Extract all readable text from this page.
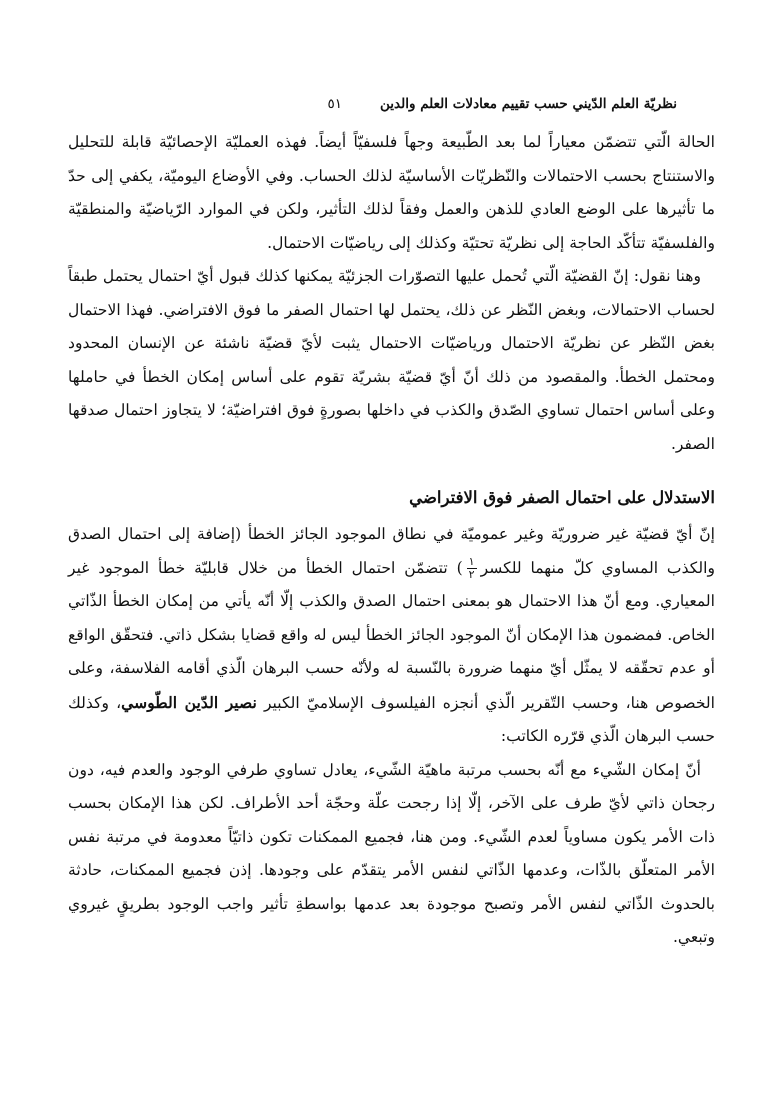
نظريّة العلم الدّيني حسب تقييم معادلات العلم والدين
٥١

الحالة الّتي تتضمّن معياراً لما بعد الطّبيعة وجهاً فلسفيّاً أيضاً. فهذه العمليّة الإحصائيّة قابلة للتحليل والاستنتاج بحسب الاحتمالات والنّظريّات الأساسيّة لذلك الحساب. وفي الأوضاع اليوميّة، يكفي إلى حدّ ما تأثيرها على الوضع العادي للذهن والعمل وفقاً لذلك التأثير، ولكن في الموارد الرّياضيّة والمنطقيّة والفلسفيّة تتأكّد الحاجة إلى نظريّة تحتيّة وكذلك إلى رياضيّات الاحتمال.

وهنا نقول: إنّ القضيّة الّتي تُحمل عليها التصوّرات الجزئيّة يمكنها كذلك قبول أيّ احتمال يحتمل طبقاً لحساب الاحتمالات، وبغض النّظر عن ذلك، يحتمل لها احتمال الصفر ما فوق الافتراضي. فهذا الاحتمال بغض النّظر عن نظريّة الاحتمال ورياضيّات الاحتمال يثبت لأيّ قضيّة ناشئة عن الإنسان المحدود ومحتمل الخطأ. والمقصود من ذلك أنّ أيّ قضيّة بشريّة تقوم على أساس إمكان الخطأ في حاملها وعلى أساس احتمال تساوي الصّدق والكذب في داخلها بصورةٍ فوق افتراضيّة؛ لا يتجاوز احتمال صدقها الصفر.

الاستدلال على احتمال الصفر فوق الافتراضي

إنّ أيّ قضيّة غير ضروريّة وغير عموميّة في نطاق الموجود الجائز الخطأ (إضافة إلى احتمال الصدق والكذب المساوي كلّ منهما للكسر
$\frac{١}{٢}$
) تتضمّن احتمال الخطأ من خلال قابليّة خطأ الموجود غير المعياري. ومع أنّ هذا الاحتمال هو بمعنى احتمال الصدق والكذب إلّا أنّه يأتي من إمكان الخطأ الذّاتي الخاص. فمضمون هذا الإمكان أنّ الموجود الجائز الخطأ ليس له واقع قضايا بشكل ذاتي. فتحقّق الواقع أو عدم تحقّقه لا يمثّل أيّ منهما ضرورة بالنّسبة له ولأنّه حسب البرهان الّذي أقامه الفلاسفة، وعلى الخصوص هنا، وحسب التّقرير الّذي أنجزه الفيلسوف الإسلاميّ الكبير نصير الدّين الطّوسي، وكذلك حسب البرهان الّذي قرّره الكاتب:

أنّ إمكان الشّيء مع أنّه بحسب مرتبة ماهيّة الشّيء، يعادل تساوي طرفي الوجود والعدم فيه، دون رجحان ذاتي لأيّ طرف على الآخر، إلّا إذا رجحت علّة وحجّة أحد الأطراف. لكن هذا الإمكان بحسب ذات الأمر يكون مساوياً لعدم الشّيء. ومن هنا، فجميع الممكنات تكون ذاتيّاً معدومة في مرتبة نفس الأمر المتعلّق بالذّات، وعدمها الذّاتي لنفس الأمر يتقدّم على وجودها. إذن فجميع الممكنات، حادثة بالحدوث الذّاتي لنفس الأمر وتصبح موجودة بعد عدمها بواسطةِ تأثير واجب الوجود بطريقٍ غيروي وتبعي.
